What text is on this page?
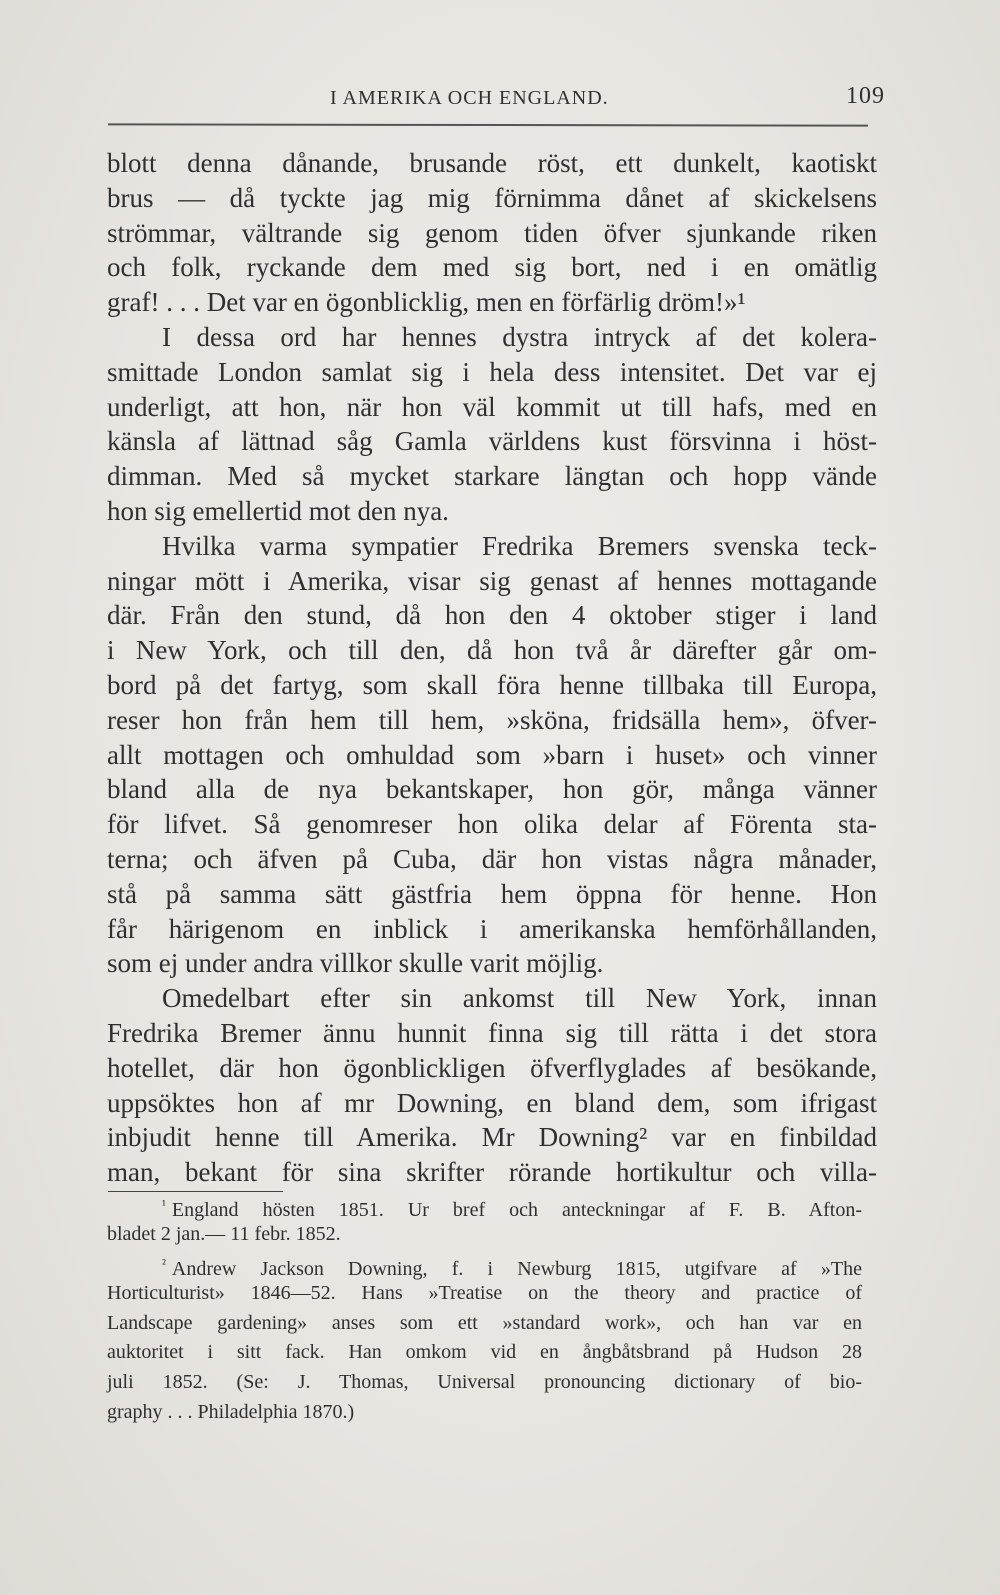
I AMERIKA OCH ENGLAND.	109
blott denna dånande, brusande röst, ett dunkelt, kaotiskt
brus — då tyckte jag mig förnimma dånet af skickelsens
strömmar, vältrande sig genom tiden öfver sjunkande riken
och folk, ryckande dem med sig bort, ned i en omätlig
graf! . . . Det var en ögonblicklig, men en förfärlig dröm!»¹
I dessa ord har hennes dystra intryck af det kolera-
smittade London samlat sig i hela dess intensitet. Det var ej
underligt, att hon, när hon väl kommit ut till hafs, med en
känsla af lättnad såg Gamla världens kust försvinna i höst-
dimman. Med så mycket starkare längtan och hopp vände
hon sig emellertid mot den nya.
Hvilka varma sympatier Fredrika Bremers svenska teck-
ningar mött i Amerika, visar sig genast af hennes mottagande
där. Från den stund, då hon den 4 oktober stiger i land
i New York, och till den, då hon två år därefter går om-
bord på det fartyg, som skall föra henne tillbaka till Europa,
reser hon från hem till hem, »sköna, fridsälla hem», öfver-
allt mottagen och omhuldad som »barn i huset» och vinner
bland alla de nya bekantskaper, hon gör, många vänner
för lifvet. Så genomreser hon olika delar af Förenta sta-
terna; och äfven på Cuba, där hon vistas några månader,
stå på samma sätt gästfria hem öppna för henne. Hon
får härigenom en inblick i amerikanska hemförhållanden,
som ej under andra villkor skulle varit möjlig.
Omedelbart efter sin ankomst till New York, innan
Fredrika Bremer ännu hunnit finna sig till rätta i det stora
hotellet, där hon ögonblickligen öfverflyglades af besökande,
uppsöktes hon af mr Downing, en bland dem, som ifrigast
inbjudit henne till Amerika. Mr Downing² var en finbildad
man, bekant för sina skrifter rörande hortikultur och villa-
$^{^1}$ England hösten 1851. Ur bref och anteckningar af F. B. Afton-
bladet 2 jan.— 11 febr. 1852.
$^{^2}$ Andrew Jackson Downing, f. i Newburg 1815, utgifvare af »The
Horticulturist» 1846—52. Hans »Treatise on the theory and practice of
Landscape gardening» anses som ett »standard work», och han var en
auktoritet i sitt fack. Han omkom vid en ångbåtsbrand på Hudson 28
juli 1852. (Se: J. Thomas, Universal pronouncing dictionary of bio-
graphy . . . Philadelphia 1870.)
